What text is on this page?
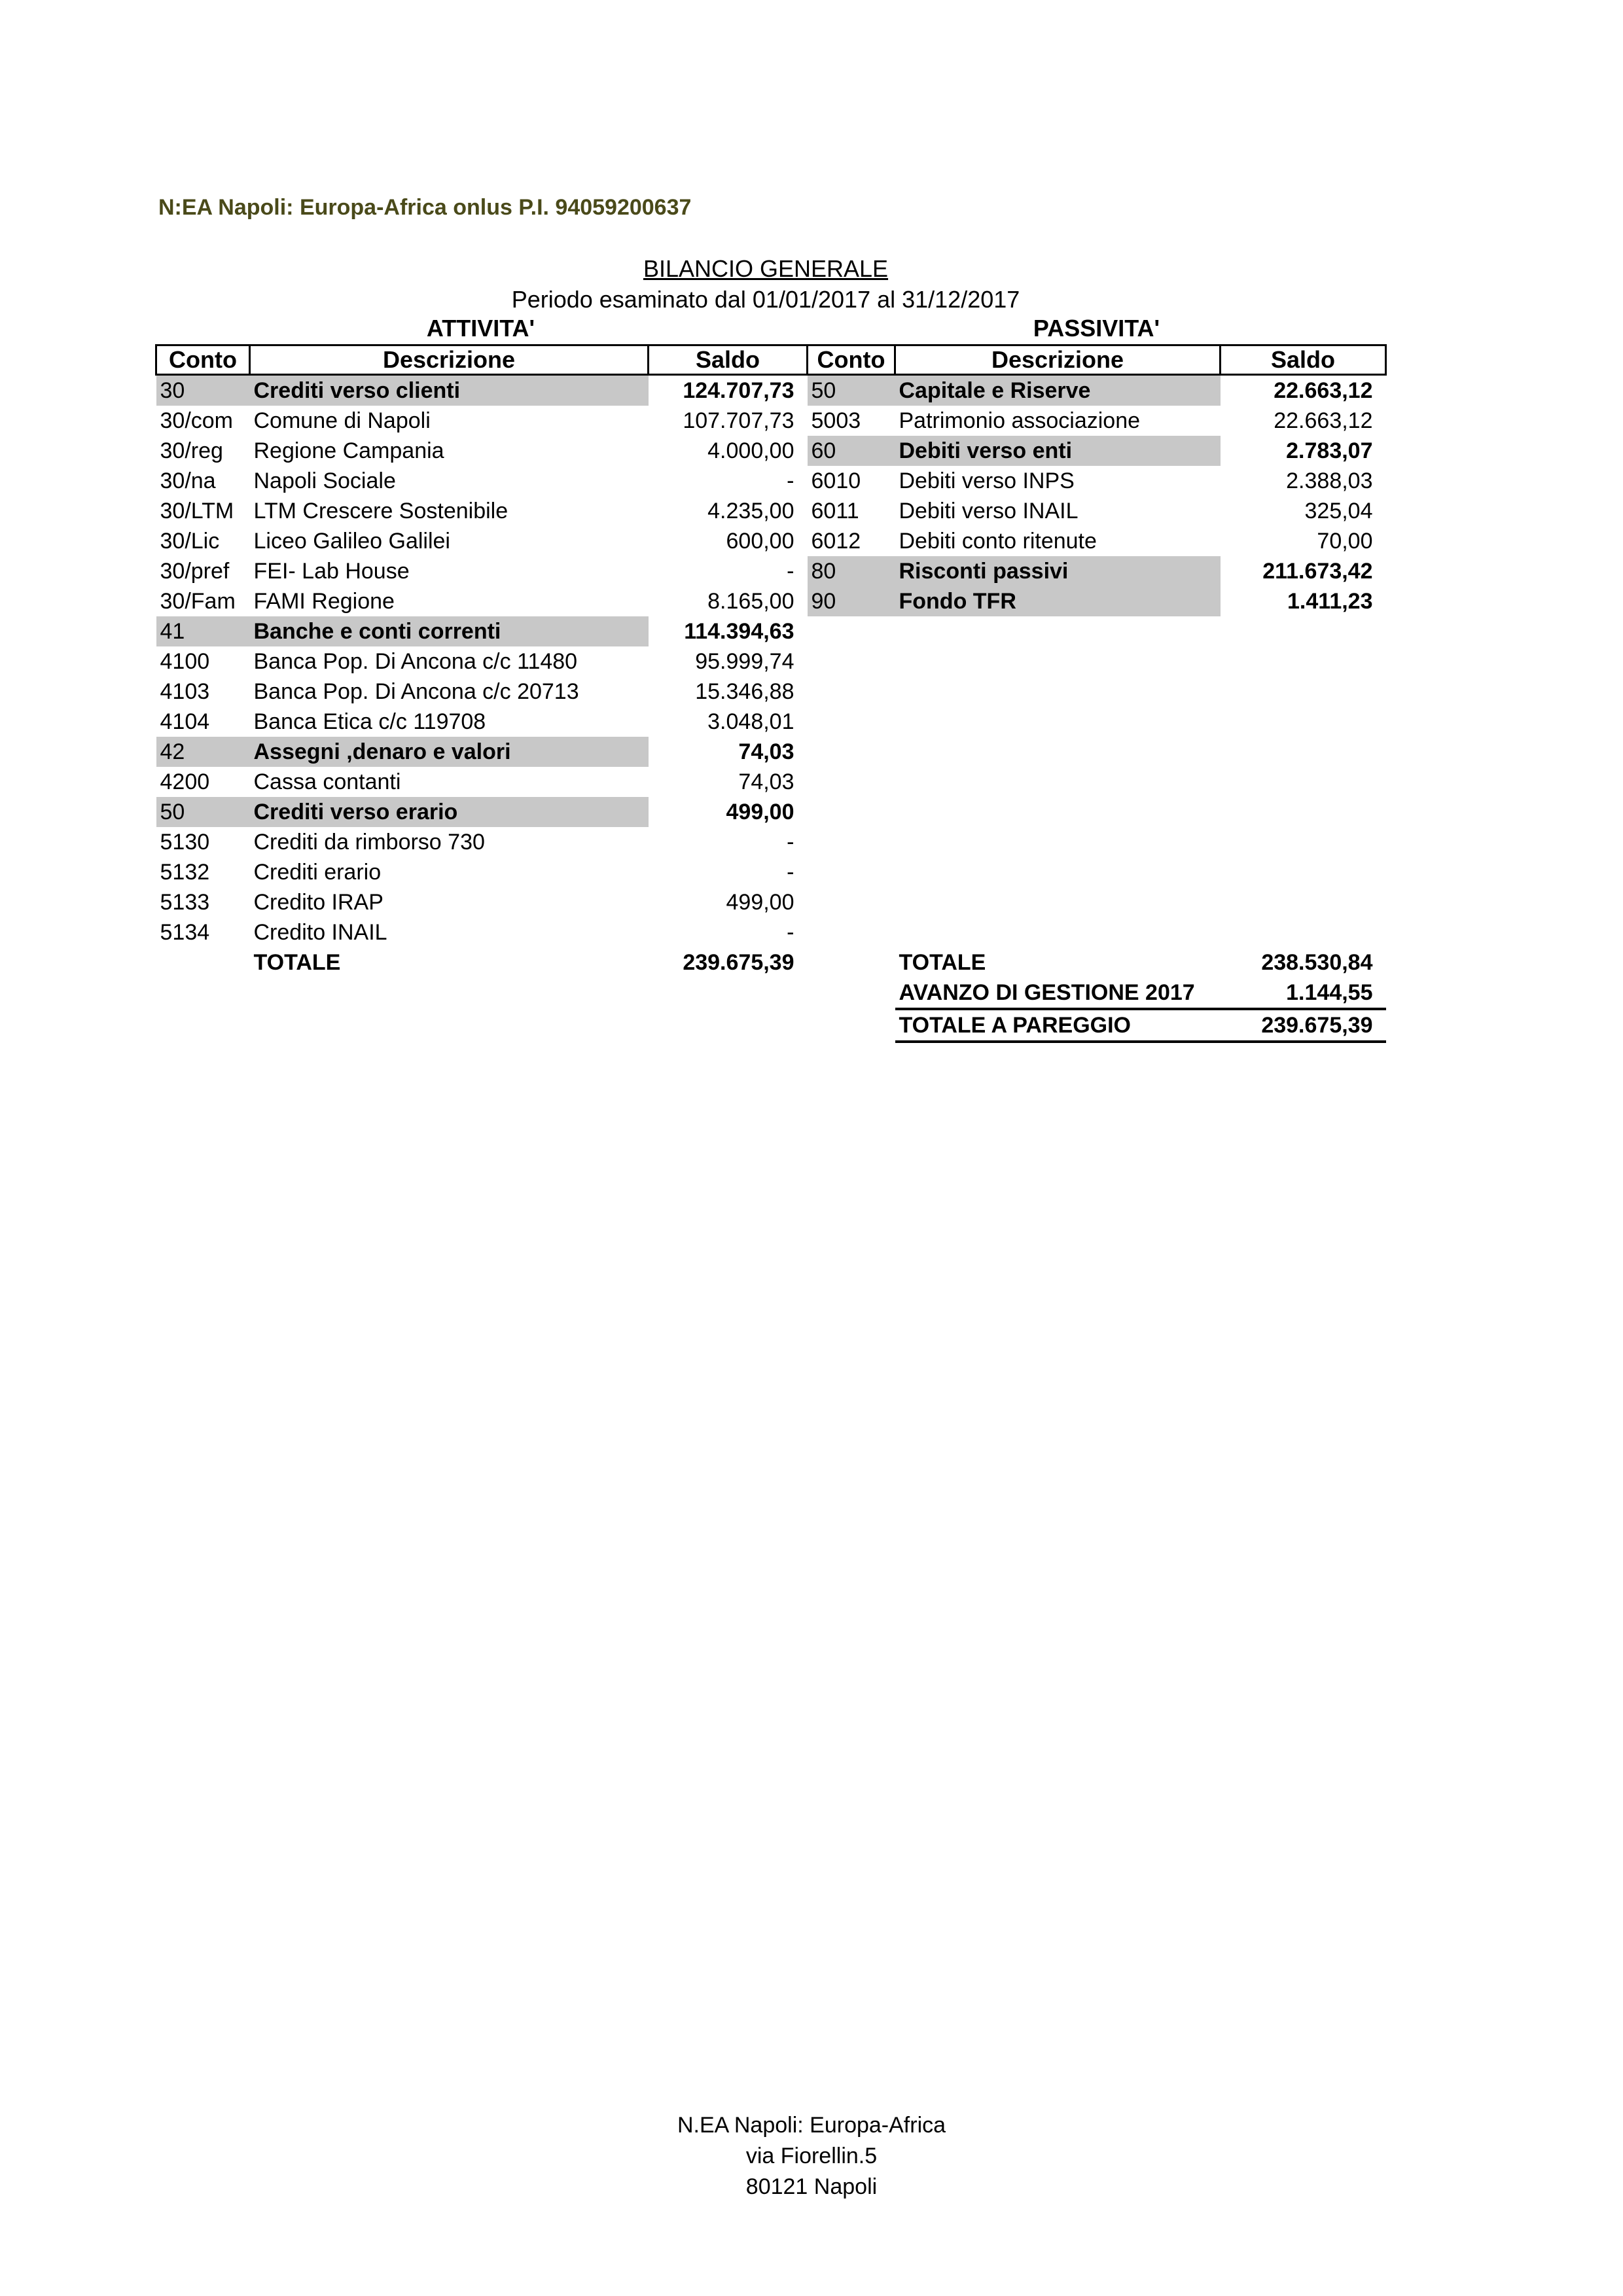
N:EA Napoli: Europa-Africa onlus P.I. 94059200637
BILANCIO GENERALE
Periodo esaminato dal 01/01/2017 al 31/12/2017
ATTIVITA'	PASSIVITA'
Conto	Descrizione	Saldo	Conto	Descrizione	Saldo
30	Crediti verso clienti	124.707,73	50	Capitale e Riserve	22.663,12
30/com	Comune di Napoli	107.707,73	5003	Patrimonio associazione	22.663,12
30/reg	Regione Campania	4.000,00	60	Debiti verso enti	2.783,07
30/na	Napoli Sociale	-	6010	Debiti verso INPS	2.388,03
30/LTM	LTM Crescere Sostenibile	4.235,00	6011	Debiti verso INAIL	325,04
30/Lic	Liceo Galileo Galilei	600,00	6012	Debiti conto ritenute	70,00
30/pref	FEI- Lab House	-	80	Risconti passivi	211.673,42
30/Fam	FAMI Regione	8.165,00	90	Fondo TFR	1.411,23
41	Banche e conti correnti	114.394,63			
4100	Banca Pop. Di Ancona c/c 11480	95.999,74			
4103	Banca Pop. Di Ancona c/c 20713	15.346,88			
4104	Banca Etica c/c 119708	3.048,01			
42	Assegni ,denaro e valori	74,03			
4200	Cassa contanti	74,03			
50	Crediti verso erario	499,00			
5130	Crediti da rimborso 730	-			
5132	Crediti erario	-			
5133	Credito IRAP	499,00			
5134	Credito INAIL	-			
	TOTALE	239.675,39		TOTALE	238.530,84
				AVANZO DI GESTIONE 2017	1.144,55
				TOTALE A PAREGGIO	239.675,39
N.EA Napoli: Europa-Africa
via Fiorellin.5
80121 Napoli
